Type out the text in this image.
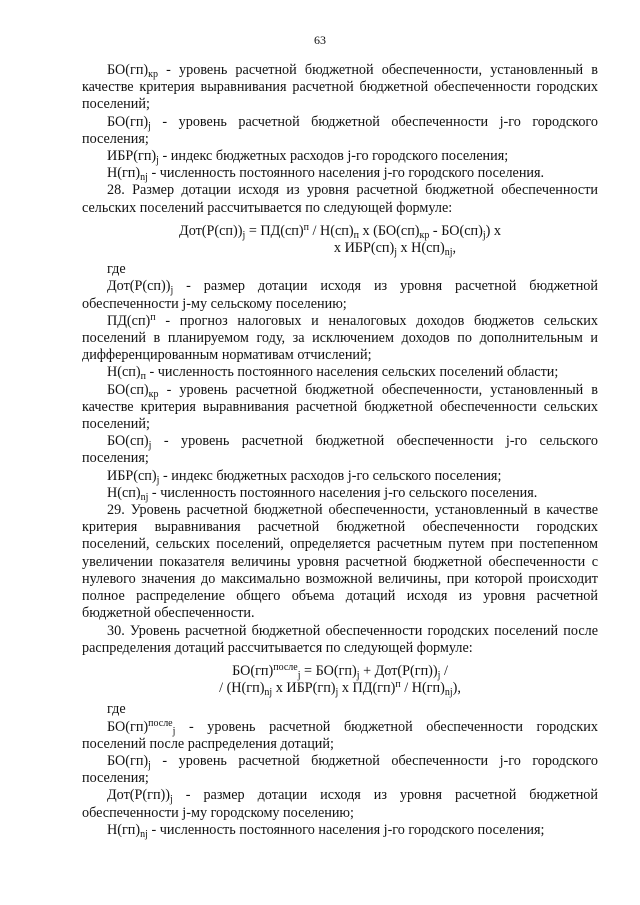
63

$БО(гп)_{кр}$ - уровень расчетной бюджетной обеспеченности, установленный в качестве критерия выравнивания расчетной бюджетной обеспеченности городских поселений;

$БО(гп)_j$ - уровень расчетной бюджетной обеспеченности j-го городского поселения;

$ИБР(гп)_j$ - индекс бюджетных расходов j-го городского поселения;

$Н(гп)_{nj}$ - численность постоянного населения j-го городского поселения.

28. Размер дотации исходя из уровня расчетной бюджетной обеспеченности сельских поселений рассчитывается по следующей формуле:

$Дот(Р(сп))_j = ПД(сп)^п / Н(сп)_п$ х $(БО(сп)_{кр} - БО(сп)_j)$ х
х $ИБР(сп)_j$ х $Н(сп)_{nj}$,

где

$Дот(Р(сп))_j$ - размер дотации исходя из уровня расчетной бюджетной обеспеченности j-му сельскому поселению;

ПД(сп)$^п$ - прогноз налоговых и неналоговых доходов бюджетов сельских поселений в планируемом году, за исключением доходов по дополнительным и дифференцированным нормативам отчислений;

$Н(сп)_п$ - численность постоянного населения сельских поселений области;

$БО(сп)_{кр}$ - уровень расчетной бюджетной обеспеченности, установленный в качестве критерия выравнивания расчетной бюджетной обеспеченности сельских поселений;

$БО(сп)_j$ - уровень расчетной бюджетной обеспеченности j-го сельского поселения;

$ИБР(сп)_j$ - индекс бюджетных расходов j-го сельского поселения;

$Н(сп)_{nj}$ - численность постоянного населения j-го сельского поселения.

29. Уровень расчетной бюджетной обеспеченности, установленный в качестве критерия выравнивания расчетной бюджетной обеспеченности городских поселений, сельских поселений, определяется расчетным путем при постепенном увеличении показателя величины уровня расчетной бюджетной обеспеченности с нулевого значения до максимально возможной величины, при которой происходит полное распределение общего объема дотаций исходя из уровня расчетной бюджетной обеспеченности.

30. Уровень расчетной бюджетной обеспеченности городских поселений после распределения дотаций рассчитывается по следующей формуле:

$БО(гп)^{после}_j = БО(гп)_j + Дот(Р(гп))_j$ /
/ ($Н(гп)_{nj}$ х $ИБР(гп)_j$ х $ПД(гп)^п / Н(гп)_{nj}$),

где

БО(гп)$^{после}_j$ - уровень расчетной бюджетной обеспеченности городских поселений после распределения дотаций;

$БО(гп)_j$ - уровень расчетной бюджетной обеспеченности j-го городского поселения;

$Дот(Р(гп))_j$ - размер дотации исходя из уровня расчетной бюджетной обеспеченности j-му городскому поселению;

$Н(гп)_{nj}$ - численность постоянного населения j-го городского поселения;
